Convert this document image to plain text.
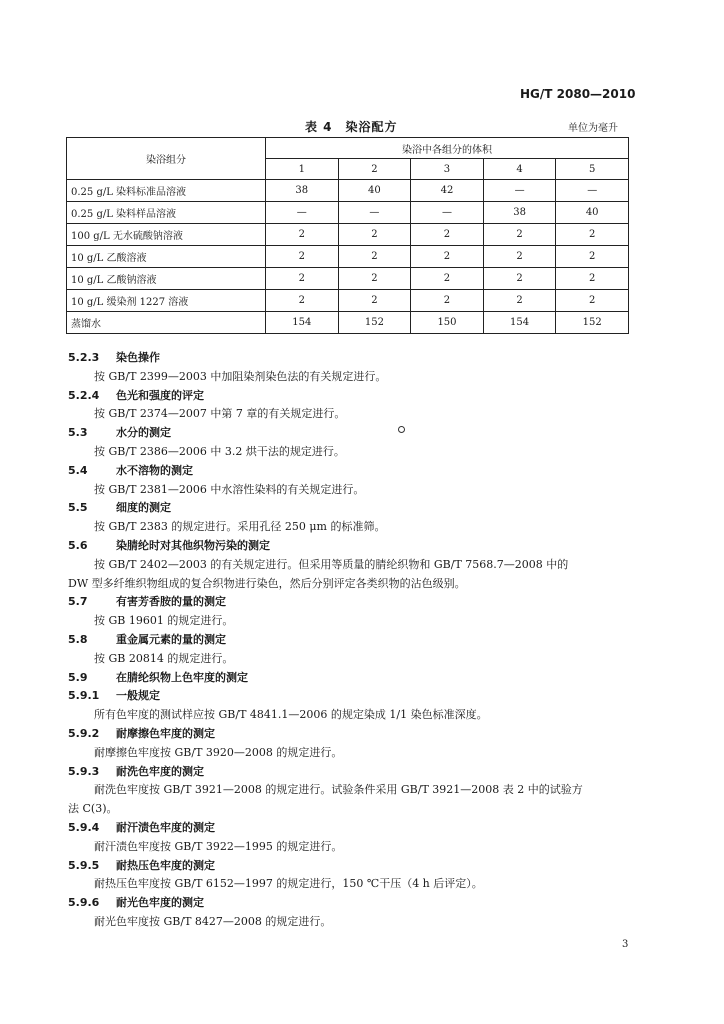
HG/T 2080—2010
表 4　染浴配方	单位为毫升
染浴组分	染浴中各组分的体积				
	1	2	3	4	5
0.25 g/L 染料标准品溶液	38	40	42	—	—
0.25 g/L 染料样品溶液	—	—	—	38	40
100 g/L 无水硫酸钠溶液	2	2	2	2	2
10 g/L 乙酸溶液	2	2	2	2	2
10 g/L 乙酸钠溶液	2	2	2	2	2
10 g/L 缓染剂 1227 溶液	2	2	2	2	2
蒸馏水	154	152	150	154	152
5.2.3 染色操作
按 GB/T 2399—2003 中加阻染剂染色法的有关规定进行。
5.2.4 色光和强度的评定
按 GB/T 2374—2007 中第 7 章的有关规定进行。
5.3	水分的测定
按 GB/T 2386—2006 中 3.2 烘干法的规定进行。
5.4	水不溶物的测定
按 GB/T 2381—2006 中水溶性染料的有关规定进行。
5.5	细度的测定
按 GB/T 2383 的规定进行。采用孔径 250 μm 的标准筛。
5.6	染腈纶时对其他织物污染的测定
按 GB/T 2402—2003 的有关规定进行。但采用等质量的腈纶织物和 GB/T 7568.7—2008 中的
DW 型多纤维织物组成的复合织物进行染色，然后分别评定各类织物的沾色级别。
5.7	有害芳香胺的量的测定
按 GB 19601 的规定进行。
5.8	重金属元素的量的测定
按 GB 20814 的规定进行。
5.9	在腈纶织物上色牢度的测定
5.9.1 一般规定
所有色牢度的测试样应按 GB/T 4841.1—2006 的规定染成 1/1 染色标准深度。
5.9.2 耐摩擦色牢度的测定
耐摩擦色牢度按 GB/T 3920—2008 的规定进行。
5.9.3 耐洗色牢度的测定
耐洗色牢度按 GB/T 3921—2008 的规定进行。试验条件采用 GB/T 3921—2008 表 2 中的试验方
法 C(3)。
5.9.4 耐汗渍色牢度的测定
耐汗渍色牢度按 GB/T 3922—1995 的规定进行。
5.9.5 耐热压色牢度的测定
耐热压色牢度按 GB/T 6152—1997 的规定进行，150 ℃干压（4 h 后评定）。
5.9.6 耐光色牢度的测定
耐光色牢度按 GB/T 8427—2008 的规定进行。
3
